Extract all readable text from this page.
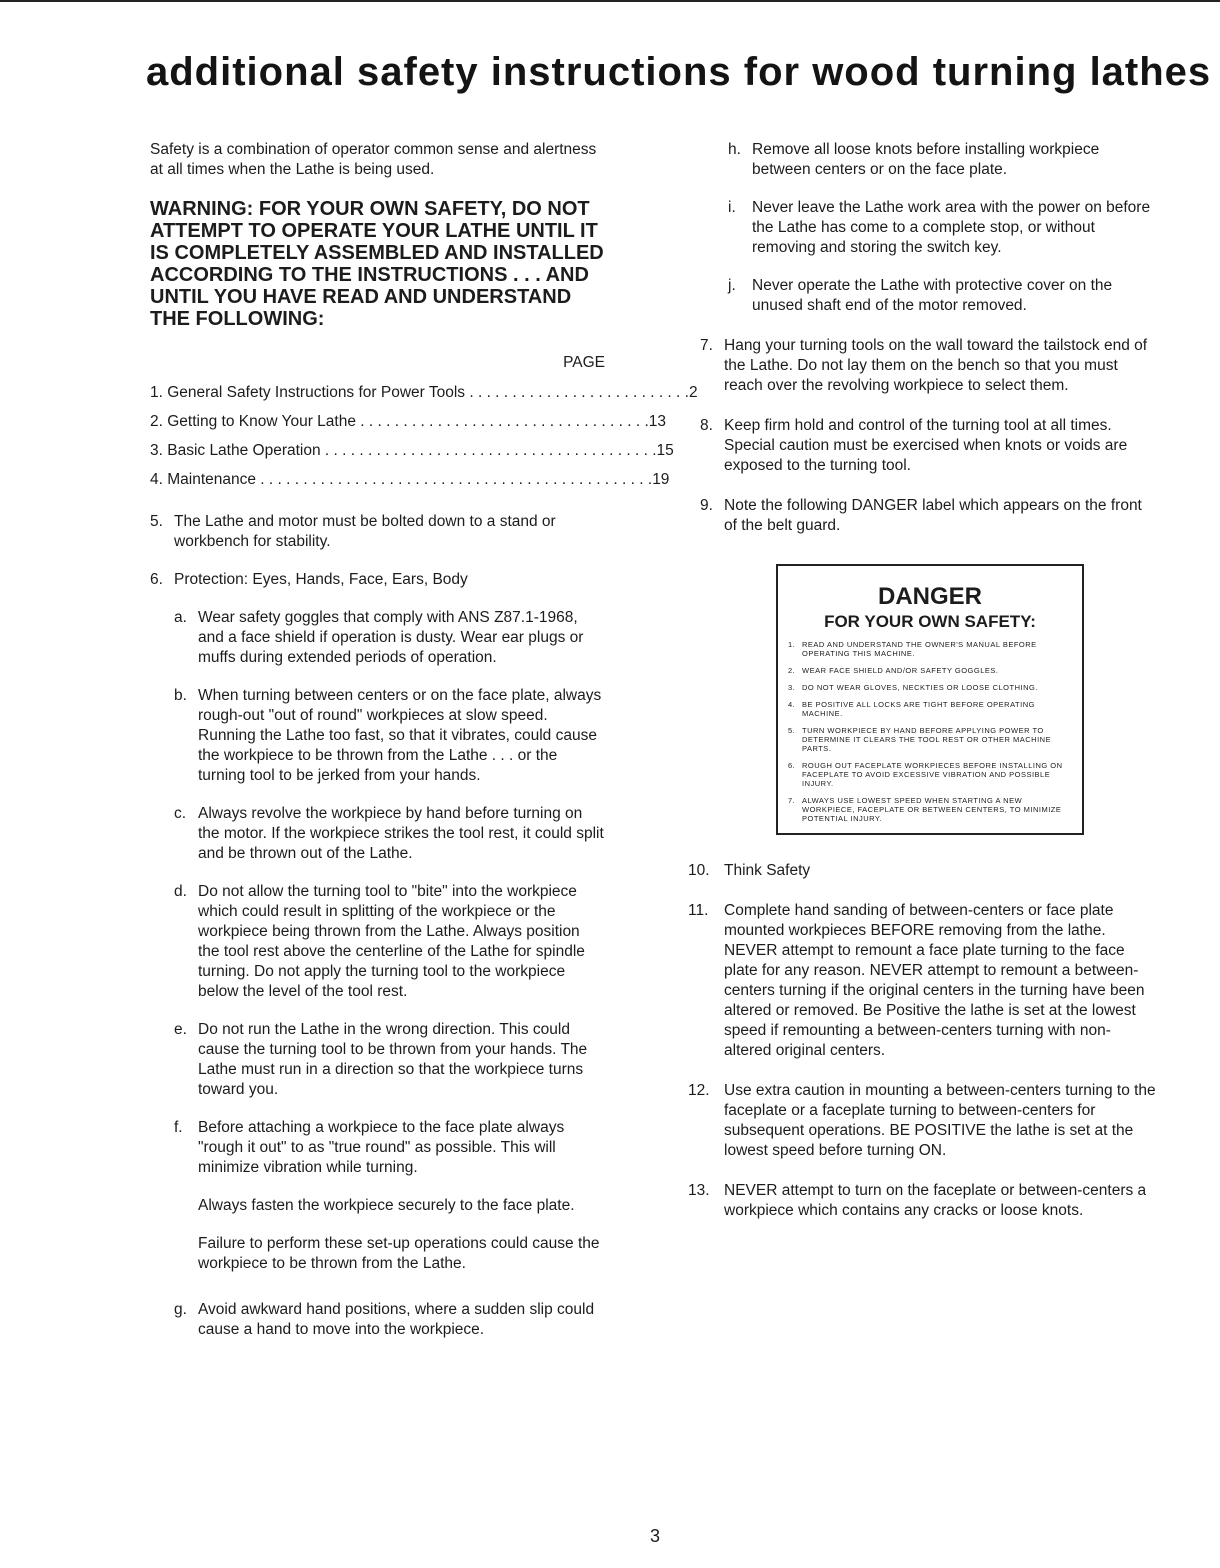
additional safety instructions for wood turning lathes

Safety is a combination of operator common sense and alertness at all times when the Lathe is being used.

WARNING: FOR YOUR OWN SAFETY, DO NOT ATTEMPT TO OPERATE YOUR LATHE UNTIL IT IS COMPLETELY ASSEMBLED AND INSTALLED ACCORDING TO THE INSTRUCTIONS . . . AND UNTIL YOU HAVE READ AND UNDERSTAND THE FOLLOWING:

PAGE
1. General Safety Instructions for Power Tools . . . . . . . . . . . . . . . . . . . . . . . . . . 2
2. Getting to Know Your Lathe . . . . . . . . . . . . . . . . . . . . . . . . . . . . . . . . . . 13
3. Basic Lathe Operation . . . . . . . . . . . . . . . . . . . . . . . . . . . . . . . . . . . . . . . 15
4. Maintenance . . . . . . . . . . . . . . . . . . . . . . . . . . . . . . . . . . . . . . . . . . . . . . 19
5. The Lathe and motor must be bolted down to a stand or workbench for stability.
6. Protection: Eyes, Hands, Face, Ears, Body
a. Wear safety goggles that comply with ANS Z87.1-1968, and a face shield if operation is dusty. Wear ear plugs or muffs during extended periods of operation.
b. When turning between centers or on the face plate, always rough-out "out of round" workpieces at slow speed. Running the Lathe too fast, so that it vibrates, could cause the workpiece to be thrown from the Lathe . . . or the turning tool to be jerked from your hands.
c. Always revolve the workpiece by hand before turning on the motor. If the workpiece strikes the tool rest, it could split and be thrown out of the Lathe.
d. Do not allow the turning tool to "bite" into the workpiece which could result in splitting of the workpiece or the workpiece being thrown from the Lathe. Always position the tool rest above the centerline of the Lathe for spindle turning. Do not apply the turning tool to the workpiece below the level of the tool rest.
e. Do not run the Lathe in the wrong direction. This could cause the turning tool to be thrown from your hands. The Lathe must run in a direction so that the workpiece turns toward you.
f. Before attaching a workpiece to the face plate always "rough it out" to as "true round" as possible. This will minimize vibration while turning.

Always fasten the workpiece securely to the face plate.

Failure to perform these set-up operations could cause the workpiece to be thrown from the Lathe.

g. Avoid awkward hand positions, where a sudden slip could cause a hand to move into the workpiece.
h. Remove all loose knots before installing workpiece between centers or on the face plate.
i.	Never leave the Lathe work area with the power on before the Lathe has come to a complete stop, or without removing and storing the switch key.
j.	Never operate the Lathe with protective cover on the unused shaft end of the motor removed.
7. Hang your turning tools on the wall toward the tailstock end of the Lathe. Do not lay them on the bench so that you must reach over the revolving workpiece to select them.
8. Keep firm hold and control of the turning tool at all times. Special caution must be exercised when knots or voids are exposed to the turning tool.
9. Note the following DANGER label which appears on the front of the belt guard.
DANGER
FOR YOUR OWN SAFETY:
1. READ AND UNDERSTAND THE OWNER'S MANUAL BEFORE OPERATING THIS MACHINE.
2. WEAR FACE SHIELD AND/OR SAFETY GOGGLES.
3. DO NOT WEAR GLOVES, NECKTIES OR LOOSE CLOTHING.
4. BE POSITIVE ALL LOCKS ARE TIGHT BEFORE OPERATING MACHINE.
5. TURN WORKPIECE BY HAND BEFORE APPLYING POWER TO DETERMINE IT CLEARS THE TOOL REST OR OTHER MACHINE PARTS.
6. ROUGH OUT FACEPLATE WORKPIECES BEFORE INSTALLING ON FACEPLATE TO AVOID EXCESSIVE VIBRATION AND POSSIBLE INJURY.
7. ALWAYS USE LOWEST SPEED WHEN STARTING A NEW WORKPIECE, FACEPLATE OR BETWEEN CENTERS, TO MINIMIZE POTENTIAL INJURY.
10. Think Safety
11.	Complete hand sanding of between-centers or face plate mounted workpieces BEFORE removing from the lathe. NEVER attempt to remount a face plate turning to the face plate for any reason. NEVER attempt to remount a between-centers turning if the original centers in the turning have been altered or removed. Be Positive the lathe is set at the lowest speed if remounting a between-centers turning with non-altered original centers.
12. Use extra caution in mounting a between-centers turning to the faceplate or a faceplate turning to between-centers for subsequent operations. BE POSITIVE the lathe is set at the lowest speed before turning ON.
13. NEVER attempt to turn on the faceplate or between-centers a workpiece which contains any cracks or loose knots.
3
